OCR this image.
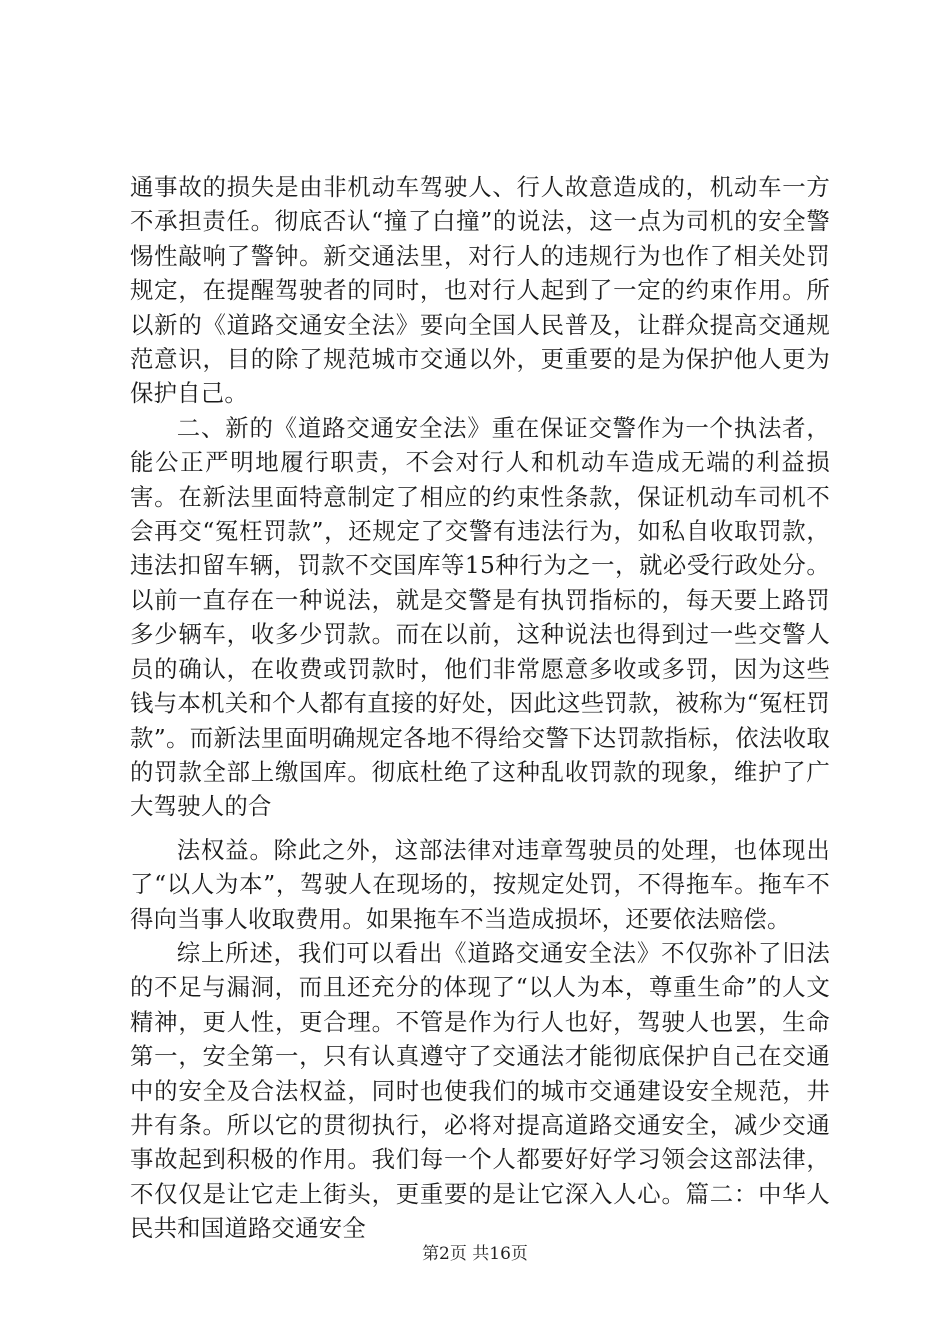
通事故的损失是由非机动车驾驶人、行人故意造成的，机动车一方不承担责任。彻底否认“撞了白撞”的说法，这一点为司机的安全警惕性敲响了警钟。新交通法里，对行人的违规行为也作了相关处罚规定，在提醒驾驶者的同时，也对行人起到了一定的约束作用。所以新的《道路交通安全法》要向全国人民普及，让群众提高交通规范意识，目的除了规范城市交通以外，更重要的是为保护他人更为保护自己。

二、新的《道路交通安全法》重在保证交警作为一个执法者，能公正严明地履行职责，不会对行人和机动车造成无端的利益损害。在新法里面特意制定了相应的约束性条款，保证机动车司机不会再交“冤枉罚款”，还规定了交警有违法行为，如私自收取罚款，违法扣留车辆，罚款不交国库等15种行为之一，就必受行政处分。以前一直存在一种说法，就是交警是有执罚指标的，每天要上路罚多少辆车，收多少罚款。而在以前，这种说法也得到过一些交警人员的确认，在收费或罚款时，他们非常愿意多收或多罚，因为这些钱与本机关和个人都有直接的好处，因此这些罚款，被称为“冤枉罚款”。而新法里面明确规定各地不得给交警下达罚款指标，依法收取的罚款全部上缴国库。彻底杜绝了这种乱收罚款的现象，维护了广大驾驶人的合

法权益。除此之外，这部法律对违章驾驶员的处理，也体现出了“以人为本”，驾驶人在现场的，按规定处罚，不得拖车。拖车不得向当事人收取费用。如果拖车不当造成损坏，还要依法赔偿。

综上所述，我们可以看出《道路交通安全法》不仅弥补了旧法的不足与漏洞，而且还充分的体现了“以人为本，尊重生命”的人文精神，更人性，更合理。不管是作为行人也好，驾驶人也罢，生命第一，安全第一，只有认真遵守了交通法才能彻底保护自己在交通中的安全及合法权益，同时也使我们的城市交通建设安全规范，井井有条。所以它的贯彻执行，必将对提高道路交通安全，减少交通事故起到积极的作用。我们每一个人都要好好学习领会这部法律，不仅仅是让它走上街头，更重要的是让它深入人心。篇二：中华人民共和国道路交通安全

第2页 共16页
